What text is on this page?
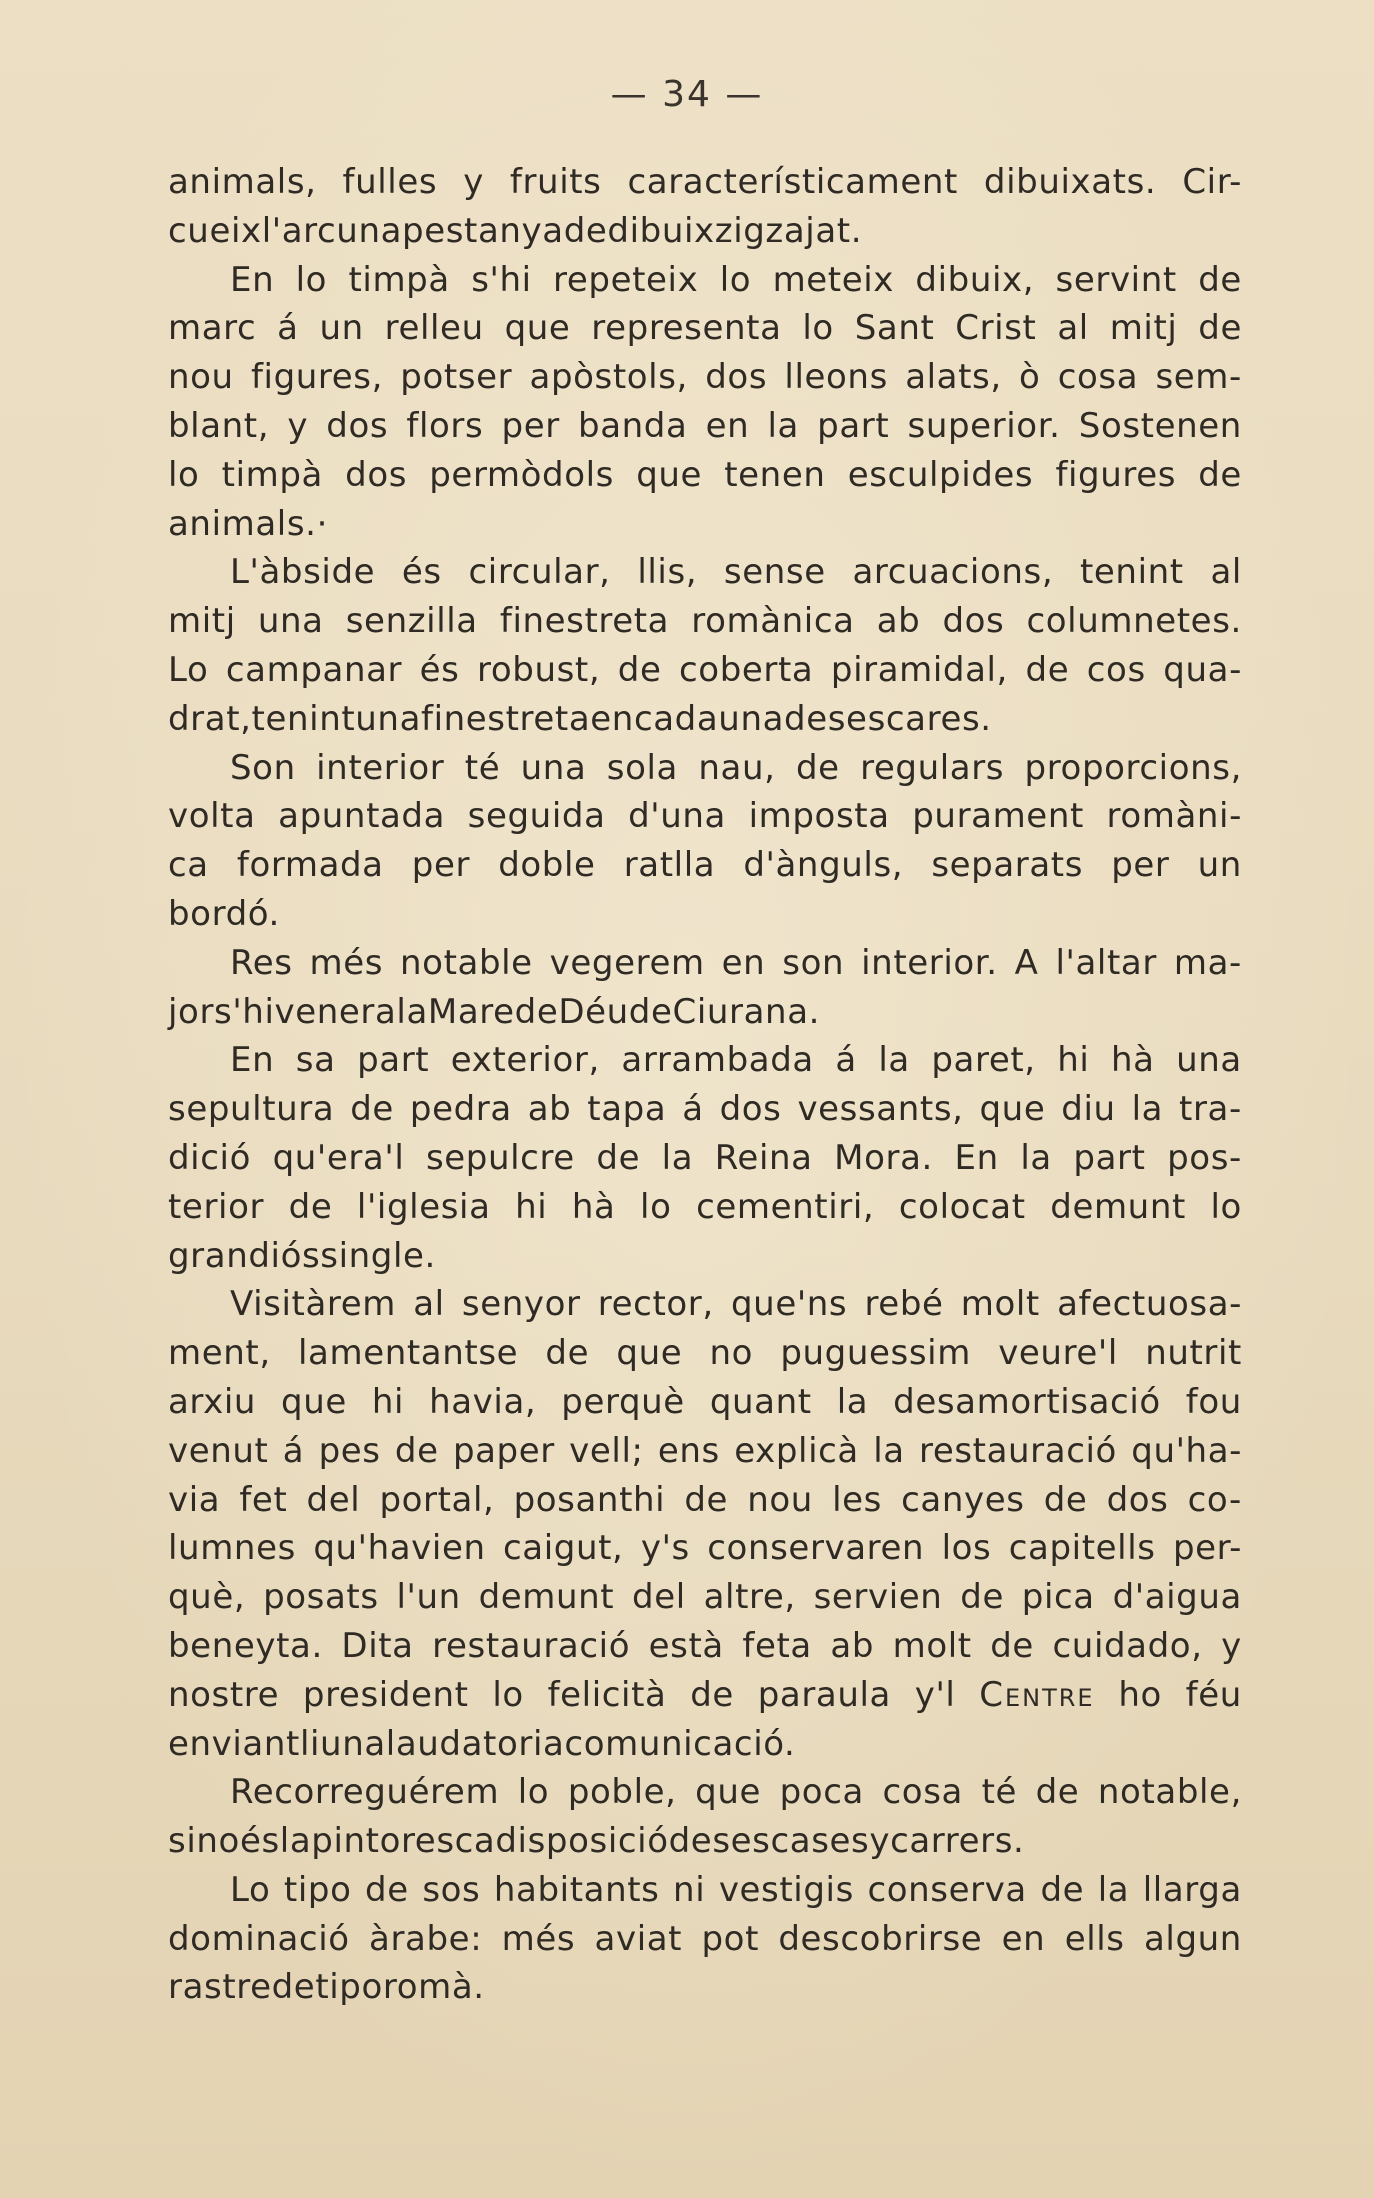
— 34 —
animals, fulles y fruits característicament dibuixats. Cir-
cueix l'arc una pestanya de dibuix zigzajat.
En lo timpà s'hi repeteix lo meteix dibuix, servint de
marc á un relleu que representa lo Sant Crist al mitj de
nou figures, potser apòstols, dos lleons alats, ò cosa sem-
blant, y dos flors per banda en la part superior. Sostenen
lo timpà dos permòdols que tenen esculpides figures de
animals. ·
L'àbside és circular, llis, sense arcuacions, tenint al
mitj una senzilla finestreta romànica ab dos columnetes.
Lo campanar és robust, de coberta piramidal, de cos qua-
drat, tenint una finestreta en cada una de ses cares.
Son interior té una sola nau, de regulars proporcions,
volta apuntada seguida d'una imposta purament romàni-
ca formada per doble ratlla d'ànguls, separats per un
bordó.
Res més notable vegerem en son interior. A l'altar ma-
jor s'hi venera la Mare de Déu de Ciurana.
En sa part exterior, arrambada á la paret, hi hà una
sepultura de pedra ab tapa á dos vessants, que diu la tra-
dició qu'era'l sepulcre de la Reina Mora. En la part pos-
terior de l'iglesia hi hà lo cementiri, colocat demunt lo
grandiós single.
Visitàrem al senyor rector, que'ns rebé molt afectuosa-
ment, lamentantse de que no puguessim veure'l nutrit
arxiu que hi havia, perquè quant la desamortisació fou
venut á pes de paper vell; ens explicà la restauració qu'ha-
via fet del portal, posanthi de nou les canyes de dos co-
lumnes qu'havien caigut, y's conservaren los capitells per-
què, posats l'un demunt del altre, servien de pica d'aigua
beneyta. Dita restauració està feta ab molt de cuidado, y
nostre president lo felicità de paraula y'l Centre ho féu
enviantli una laudatoria comunicació.
Recorreguérem lo poble, que poca cosa té de notable,
si no és la pintoresca disposició de ses cases y carrers.
Lo tipo de sos habitants ni vestigis conserva de la llarga
dominació àrabe: més aviat pot descobrirse en ells algun
rastre de tipo romà.
